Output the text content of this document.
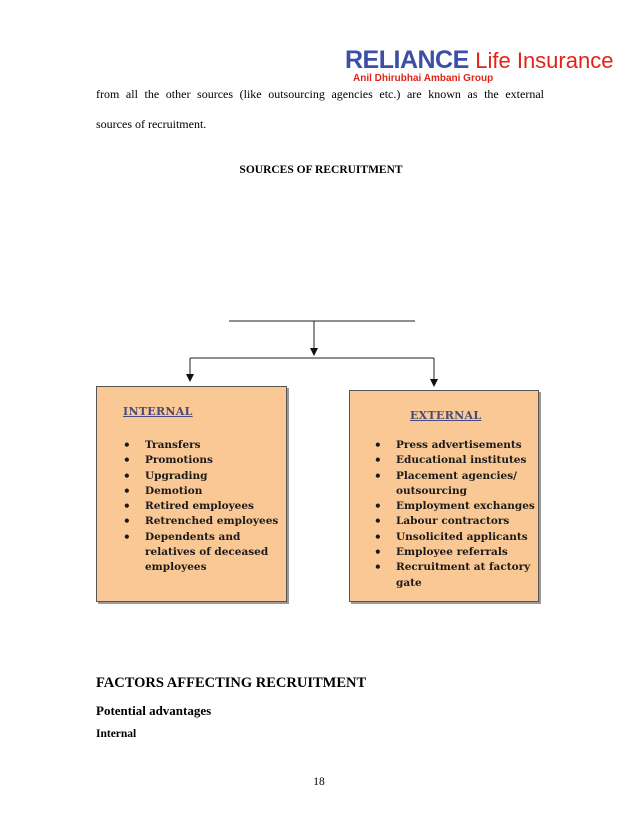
RELIANCE Life Insurance
Anil Dhirubhai Ambani Group
from all the other sources (like outsourcing agencies etc.) are known as the external
sources of recruitment.
SOURCES OF RECRUITMENT
INTERNAL
• Transfers
• Promotions
• Upgrading
• Demotion
• Retired employees
• Retrenched employees
• Dependents and relatives of deceased employees
EXTERNAL
• Press advertisements
• Educational institutes
• Placement agencies/ outsourcing
• Employment exchanges
• Labour contractors
• Unsolicited applicants
• Employee referrals
• Recruitment at factory gate
FACTORS AFFECTING RECRUITMENT
Potential advantages
Internal
18
